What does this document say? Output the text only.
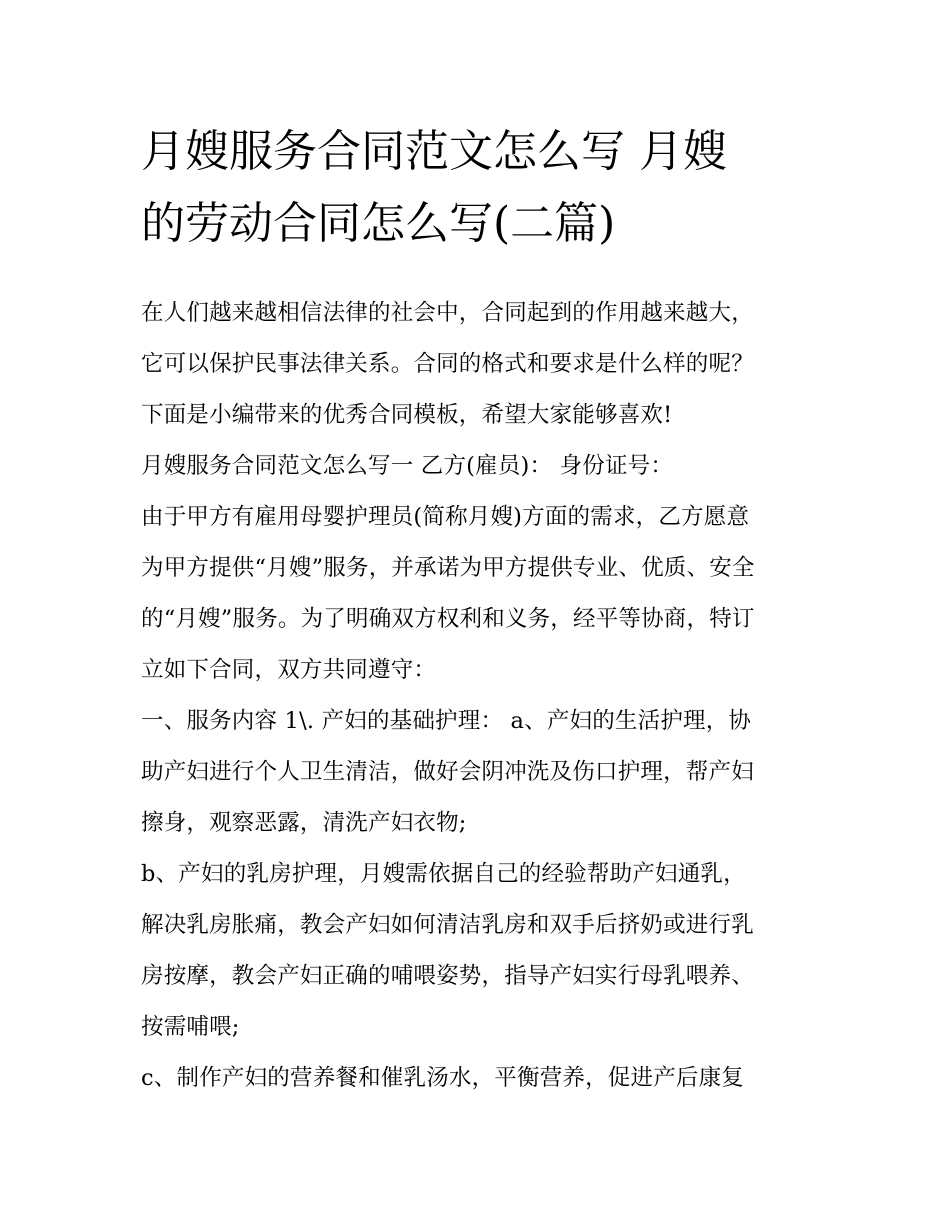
月嫂服务合同范文怎么写 月嫂
的劳动合同怎么写(二篇)

在人们越来越相信法律的社会中，合同起到的作用越来越大，
它可以保护民事法律关系。合同的格式和要求是什么样的呢？
下面是小编带来的优秀合同模板，希望大家能够喜欢!

月嫂服务合同范文怎么写一 乙方(雇员)： 身份证号：

由于甲方有雇用母婴护理员(简称月嫂)方面的需求，乙方愿意
为甲方提供“月嫂”服务，并承诺为甲方提供专业、优质、安全
的“月嫂”服务。为了明确双方权利和义务，经平等协商，特订
立如下合同，双方共同遵守：

一、服务内容 1\. 产妇的基础护理： a、产妇的生活护理，协
助产妇进行个人卫生清洁，做好会阴冲洗及伤口护理，帮产妇
擦身，观察恶露，清洗产妇衣物;

b、产妇的乳房护理，月嫂需依据自己的经验帮助产妇通乳，
解决乳房胀痛，教会产妇如何清洁乳房和双手后挤奶或进行乳
房按摩，教会产妇正确的哺喂姿势，指导产妇实行母乳喂养、
按需哺喂;

c、制作产妇的营养餐和催乳汤水，平衡营养，促进产后康复
